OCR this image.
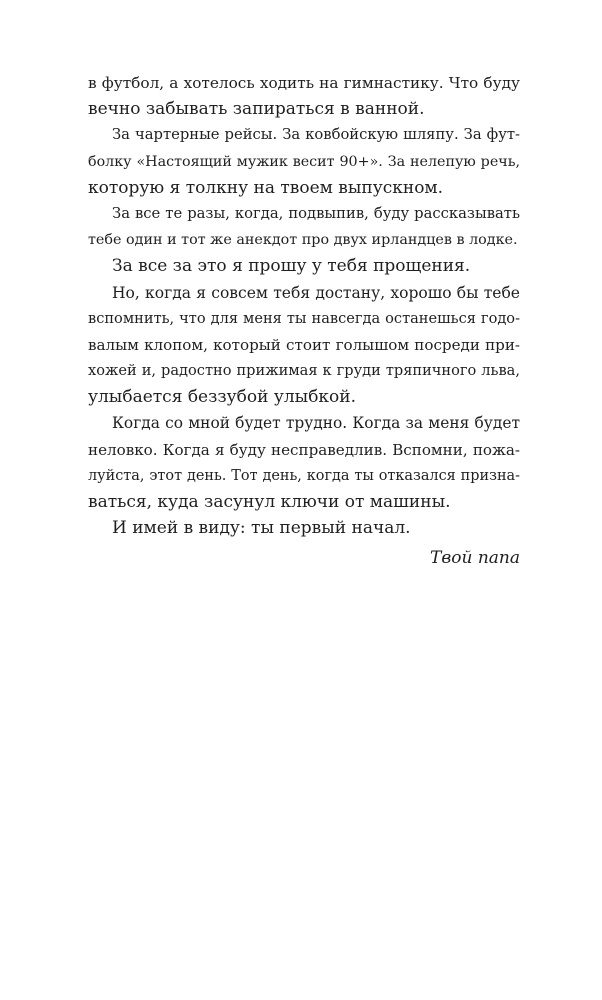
в футбол, а хотелось ходить на гимнастику. Что буду
вечно забывать запираться в ванной.
За чартерные рейсы. За ковбойскую шляпу. За фут-
болку «Настоящий мужик весит 90+». За нелепую речь,
которую я толкну на твоем выпускном.
За все те разы, когда, подвыпив, буду рассказывать
тебе один и тот же анекдот про двух ирландцев в лодке.
За все за это я прошу у тебя прощения.
Но, когда я совсем тебя достану, хорошо бы тебе
вспомнить, что для меня ты навсегда останешься годо-
валым клопом, который стоит голышом посреди при-
хожей и, радостно прижимая к груди тряпичного льва,
улыбается беззубой улыбкой.
Когда со мной будет трудно. Когда за меня будет
неловко. Когда я буду несправедлив. Вспомни, пожа-
луйста, этот день. Тот день, когда ты отказался призна-
ваться, куда засунул ключи от машины.
И имей в виду: ты первый начал.
Твой папа
